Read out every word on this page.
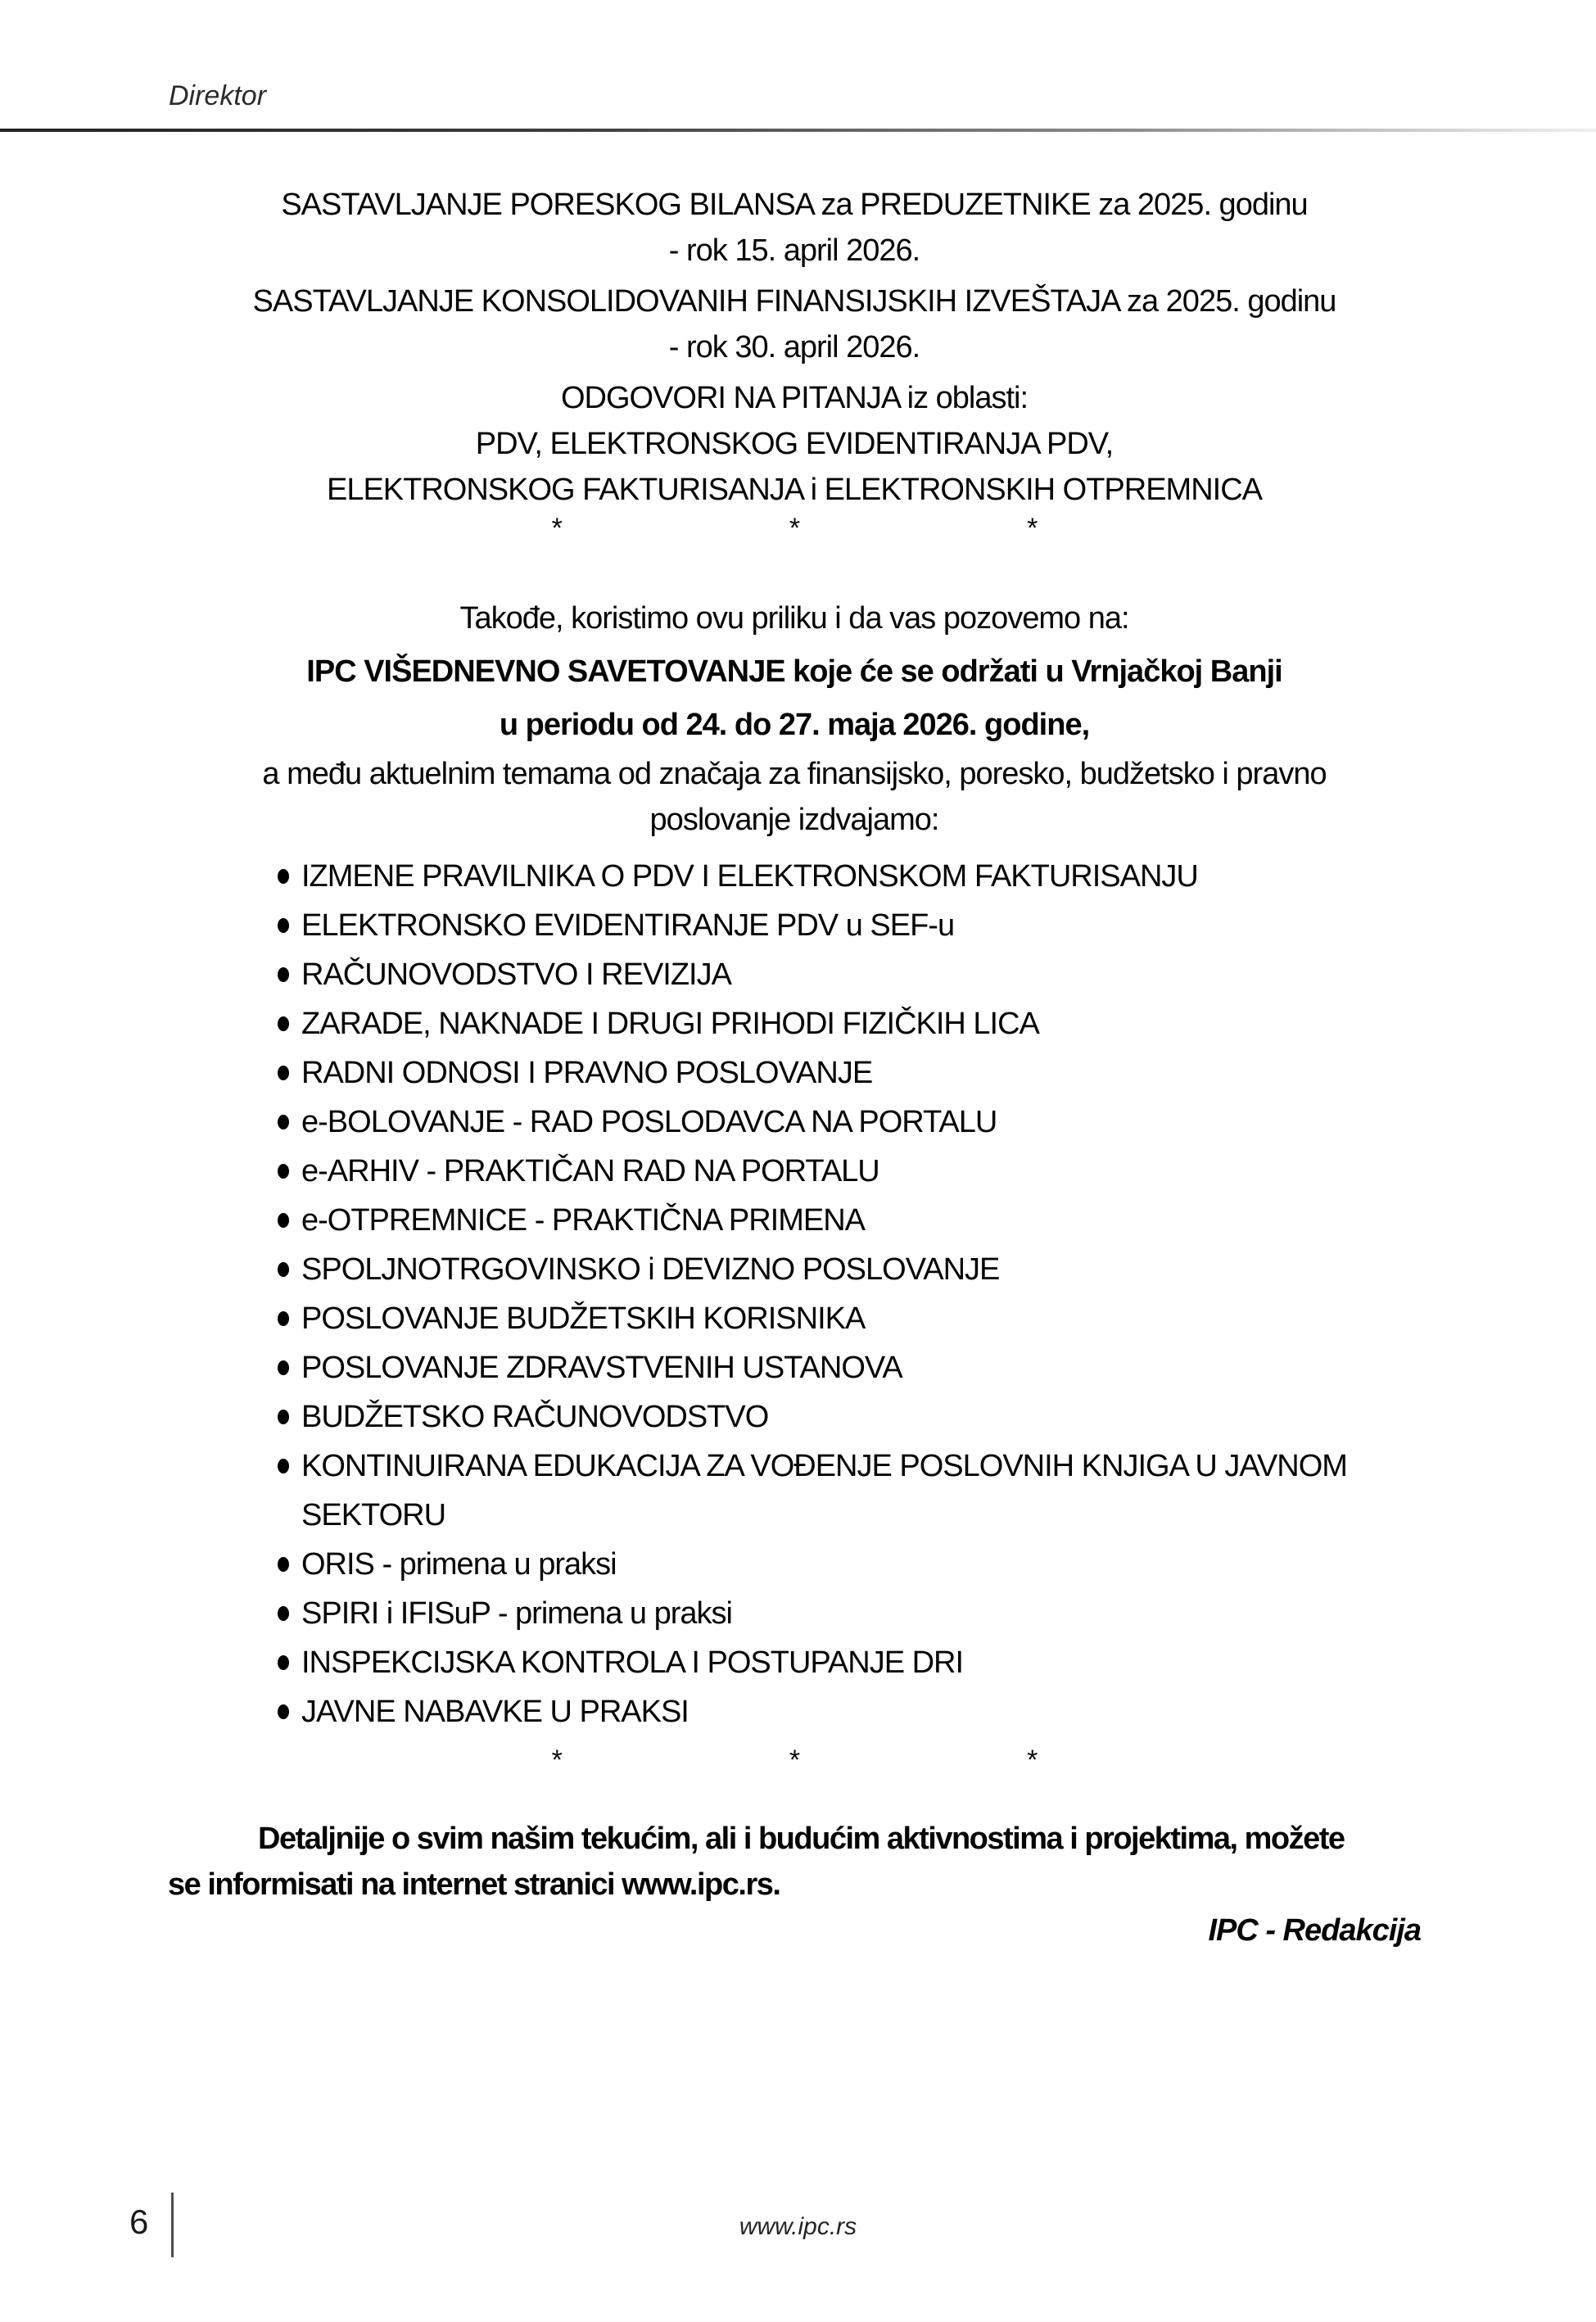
Direktor
SASTAVLJANJE PORESKOG BILANSA za PREDUZETNIKE za 2025. godinu
- rok 15. april 2026.
SASTAVLJANJE KONSOLIDOVANIH FINANSIJSKIH IZVEŠTAJA za 2025. godinu
- rok 30. april 2026.
ODGOVORI NA PITANJA iz oblasti:
PDV, ELEKTRONSKOG EVIDENTIRANJA PDV,
ELEKTRONSKOG FAKTURISANJA i ELEKTRONSKIH OTPREMNICA
*	*	*
Takođe, koristimo ovu priliku i da vas pozovemo na:
IPC VIŠEDNEVNO SAVETOVANJE koje će se održati u Vrnjačkoj Banji
u periodu od 24. do 27. maja 2026. godine,
a među aktuelnim temama od značaja za finansijsko, poresko, budžetsko i pravno
poslovanje izdvajamo:
IZMENE PRAVILNIKA O PDV I ELEKTRONSKOM FAKTURISANJU
ELEKTRONSKO EVIDENTIRANJE PDV u SEF-u
RAČUNOVODSTVO I REVIZIJA
ZARADE, NAKNADE I DRUGI PRIHODI FIZIČKIH LICA
RADNI ODNOSI I PRAVNO POSLOVANJE
e-BOLOVANJE - RAD POSLODAVCA NA PORTALU
e-ARHIV - PRAKTIČAN RAD NA PORTALU
e-OTPREMNICE - PRAKTIČNA PRIMENA
SPOLJNOTRGOVINSKO i DEVIZNO POSLOVANJE
POSLOVANJE BUDŽETSKIH KORISNIKA
POSLOVANJE ZDRAVSTVENIH USTANOVA
BUDŽETSKO RAČUNOVODSTVO
KONTINUIRANA EDUKACIJA ZA VOĐENJE POSLOVNIH KNJIGA U JAVNOM
SEKTORU
ORIS - primena u praksi
SPIRI i IFISuP - primena u praksi
INSPEKCIJSKA KONTROLA I POSTUPANJE DRI
JAVNE NABAVKE U PRAKSI
*	*	*
Detaljnije o svim našim tekućim, ali i budućim aktivnostima i projektima, možete
se informisati na internet stranici www.ipc.rs.
IPC - Redakcija
6	www.ipc.rs
